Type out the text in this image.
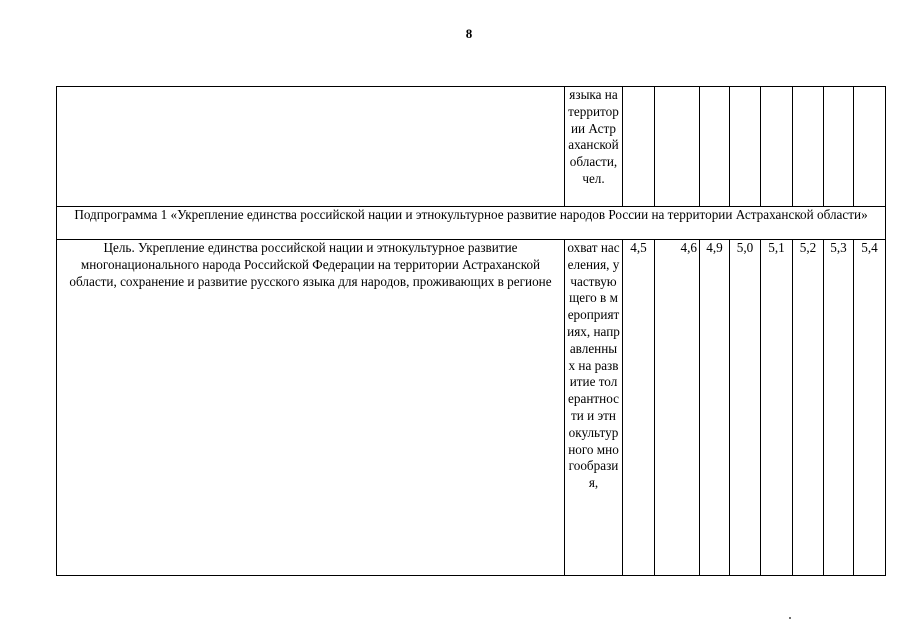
8
	языка на территории Астраханской области, чел.								
Подпрограмма 1 «Укрепление единства российской нации и этнокультурное развитие народов России на территории Астраханской области»									
Цель. Укрепление единства российской нации и этнокультурное развитие многонационального народа Российской Федерации на территории Астраханской области, сохранение и развитие русского языка для народов, проживающих в регионе	охват населения, участвующего в мероприятиях, направленных на развитие толерантности и этнокультурного многообразия,	4,5	4,6	4,9	5,0	5,1	5,2	5,3	5,4
